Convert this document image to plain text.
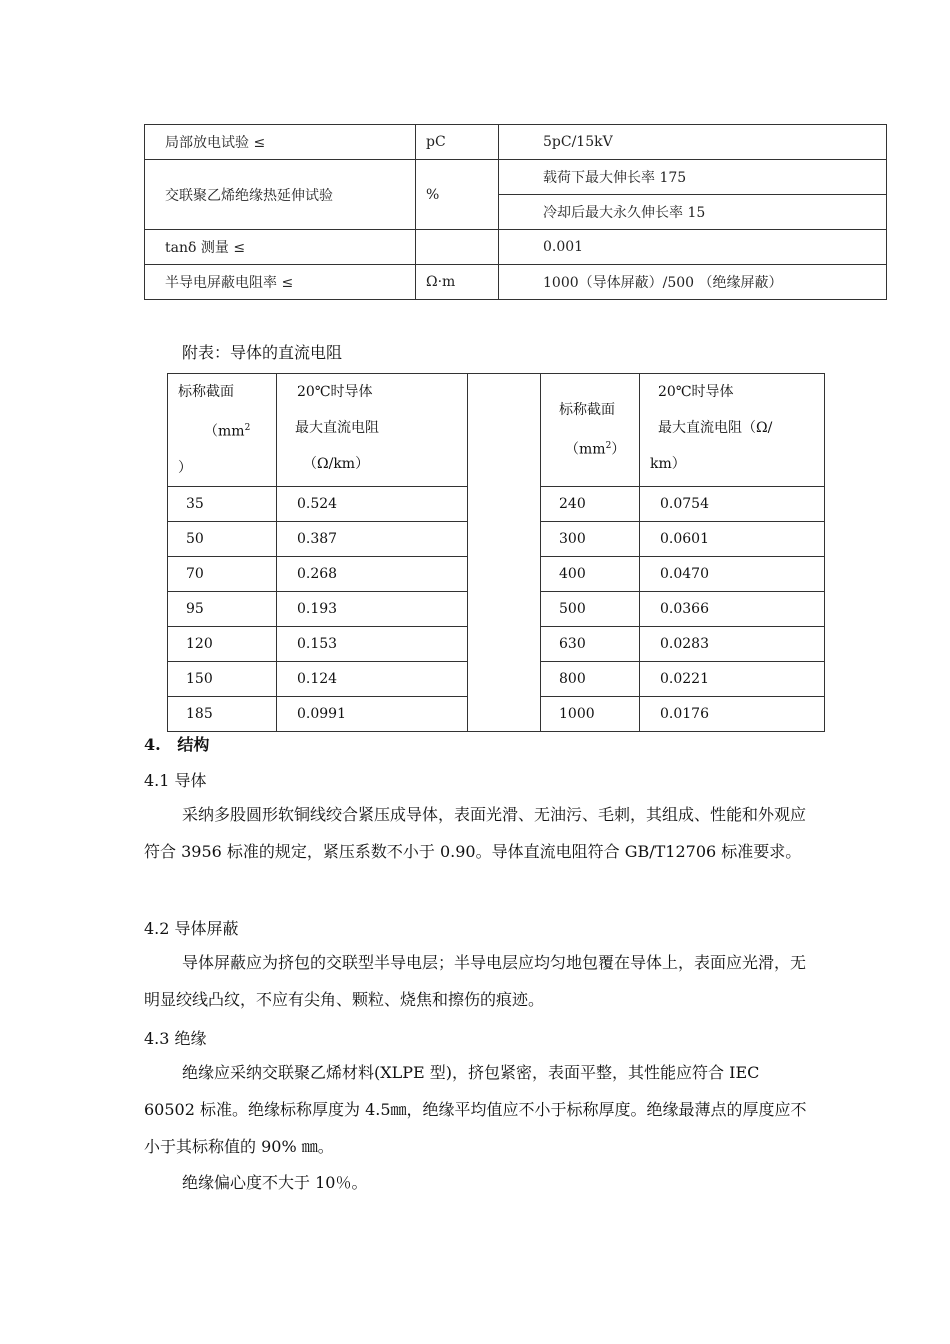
局部放电试验 ≤	pC	5pC/15kV
交联聚乙烯绝缘热延伸试验	%	载荷下最大伸长率 175
		冷却后最大永久伸长率 15
tanδ 测量 ≤		0.001
半导电屏蔽电阻率 ≤	Ω·m	1000（导体屏蔽）/500 （绝缘屏蔽）
附表：导体的直流电阻
标称截面
（$mm^2$
）	20℃时导体
最大直流电阻
（Ω/km）		标称截面
$(mm^2)$	20℃时导体
最大直流电阻（Ω/
km）

35	0.524		240	0.0754
50	0.387		300	0.0601
70	0.268		400	0.0470
95	0.193		500	0.0366
120	0.153		630	0.0283
150	0.124		800	0.0221
185	0.0991		1000	0.0176
4.   结构
4.1 导体
采纳多股圆形软铜线绞合紧压成导体，表面光滑、无油污、毛刺，其组成、性能和外观应符合 3956 标准的规定，紧压系数不小于 0.90。导体直流电阻符合 GB/T12706 标准要求。
4.2 导体屏蔽
导体屏蔽应为挤包的交联型半导电层；半导电层应均匀地包覆在导体上，表面应光滑，无明显绞线凸纹，不应有尖角、颗粒、烧焦和擦伤的痕迹。
4.3 绝缘
绝缘应采纳交联聚乙烯材料(XLPE 型)，挤包紧密，表面平整，其性能应符合 IEC 60502 标准。绝缘标称厚度为 4.5㎜，绝缘平均值应不小于标称厚度。绝缘最薄点的厚度应不小于其标称值的 90% ㎜。
绝缘偏心度不大于 10％。
